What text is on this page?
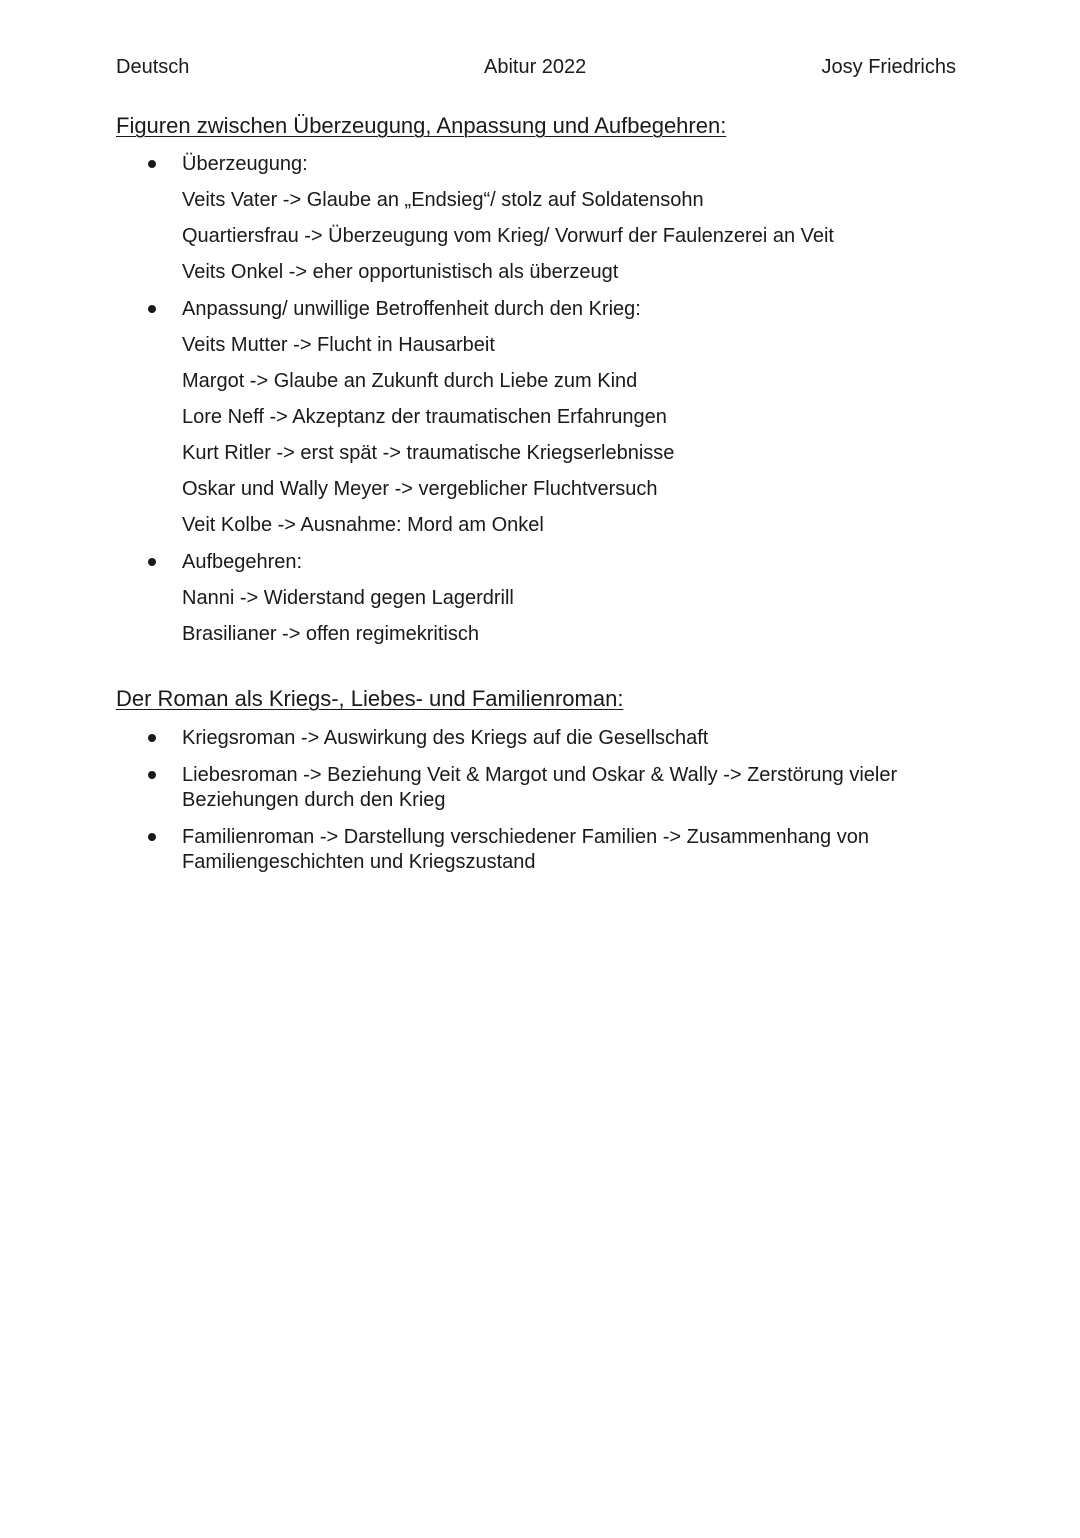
Deutsch	Abitur 2022	Josy Friedrichs
Figuren zwischen Überzeugung, Anpassung und Aufbegehren:
Überzeugung:
Veits Vater -> Glaube an „Endsieg“/ stolz auf Soldatensohn
Quartiersfrau -> Überzeugung vom Krieg/ Vorwurf der Faulenzerei an Veit
Veits Onkel -> eher opportunistisch als überzeugt
Anpassung/ unwillige Betroffenheit durch den Krieg:
Veits Mutter -> Flucht in Hausarbeit
Margot -> Glaube an Zukunft durch Liebe zum Kind
Lore Neff -> Akzeptanz der traumatischen Erfahrungen
Kurt Ritler -> erst spät -> traumatische Kriegserlebnisse
Oskar und Wally Meyer -> vergeblicher Fluchtversuch
Veit Kolbe -> Ausnahme: Mord am Onkel
Aufbegehren:
Nanni -> Widerstand gegen Lagerdrill
Brasilianer -> offen regimekritisch
Der Roman als Kriegs-, Liebes- und Familienroman:
Kriegsroman -> Auswirkung des Kriegs auf die Gesellschaft
Liebesroman -> Beziehung Veit & Margot und Oskar & Wally -> Zerstörung vieler Beziehungen durch den Krieg
Familienroman -> Darstellung verschiedener Familien -> Zusammenhang von Familiengeschichten und Kriegszustand
